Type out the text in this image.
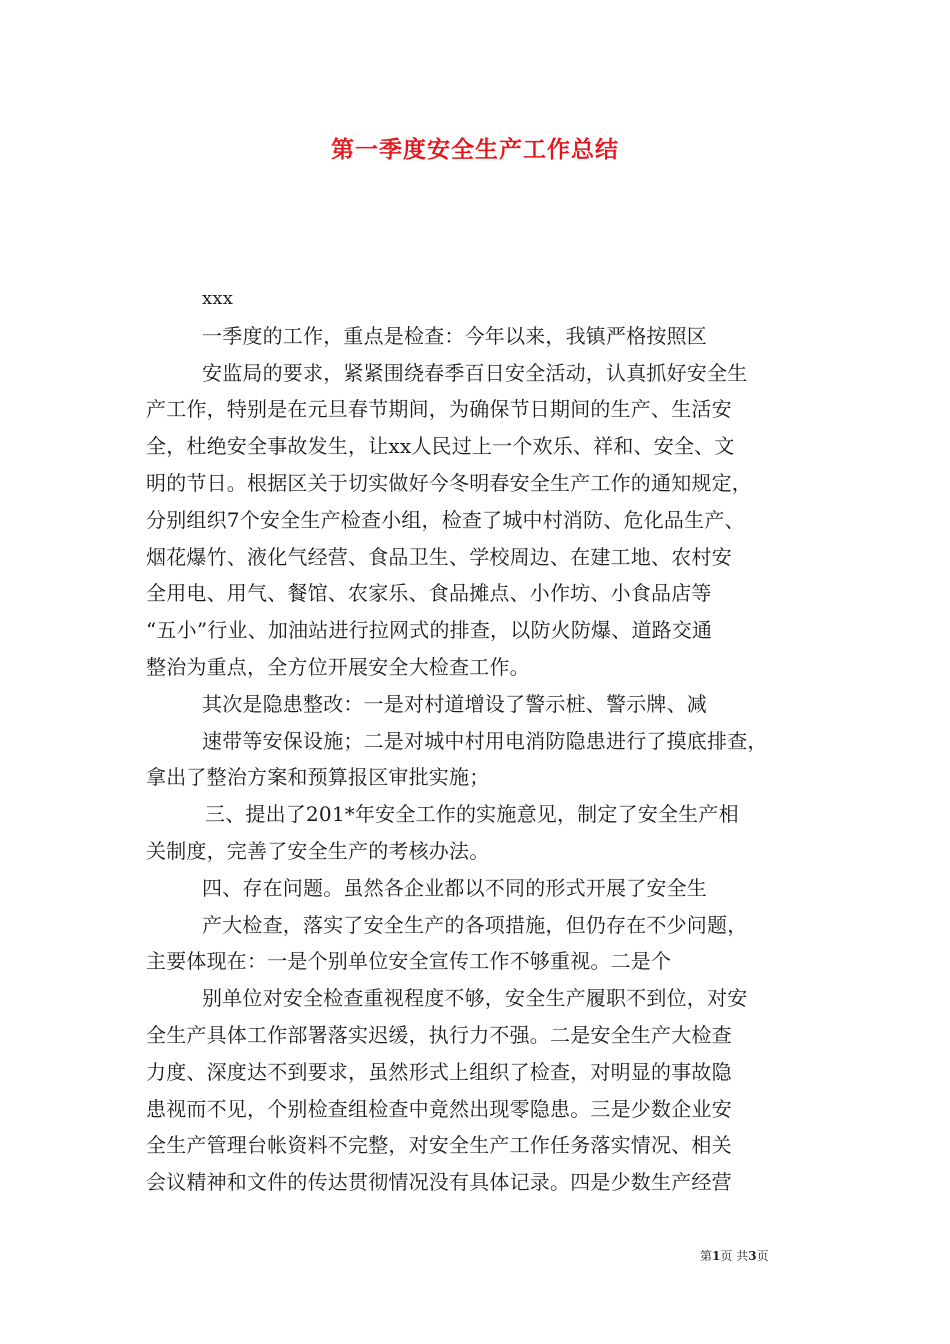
第一季度安全生产工作总结
xxx
一季度的工作，重点是检查：今年以来，我镇严格按照区
安监局的要求，紧紧围绕春季百日安全活动，认真抓好安全生
产工作，特别是在元旦春节期间，为确保节日期间的生产、生活安
全，杜绝安全事故发生，让xx人民过上一个欢乐、祥和、安全、文
明的节日。根据区关于切实做好今冬明春安全生产工作的通知规定，
分别组织7个安全生产检查小组，检查了城中村消防、危化品生产、
烟花爆竹、液化气经营、食品卫生、学校周边、在建工地、农村安
全用电、用气、餐馆、农家乐、食品摊点、小作坊、小食品店等
“五小”行业、加油站进行拉网式的排查，以防火防爆、道路交通
整治为重点，全方位开展安全大检查工作。
其次是隐患整改：一是对村道增设了警示桩、警示牌、减
速带等安保设施；二是对城中村用电消防隐患进行了摸底排查，
拿出了整治方案和预算报区审批实施；
三、提出了201*年安全工作的实施意见，制定了安全生产相
关制度，完善了安全生产的考核办法。
四、存在问题。虽然各企业都以不同的形式开展了安全生
产大检查，落实了安全生产的各项措施，但仍存在不少问题，
主要体现在：一是个别单位安全宣传工作不够重视。二是个
别单位对安全检查重视程度不够，安全生产履职不到位，对安
全生产具体工作部署落实迟缓，执行力不强。二是安全生产大检查
力度、深度达不到要求，虽然形式上组织了检查，对明显的事故隐
患视而不见，个别检查组检查中竟然出现零隐患。三是少数企业安
全生产管理台帐资料不完整，对安全生产工作任务落实情况、相关
会议精神和文件的传达贯彻情况没有具体记录。四是少数生产经营
第1页 共3页
